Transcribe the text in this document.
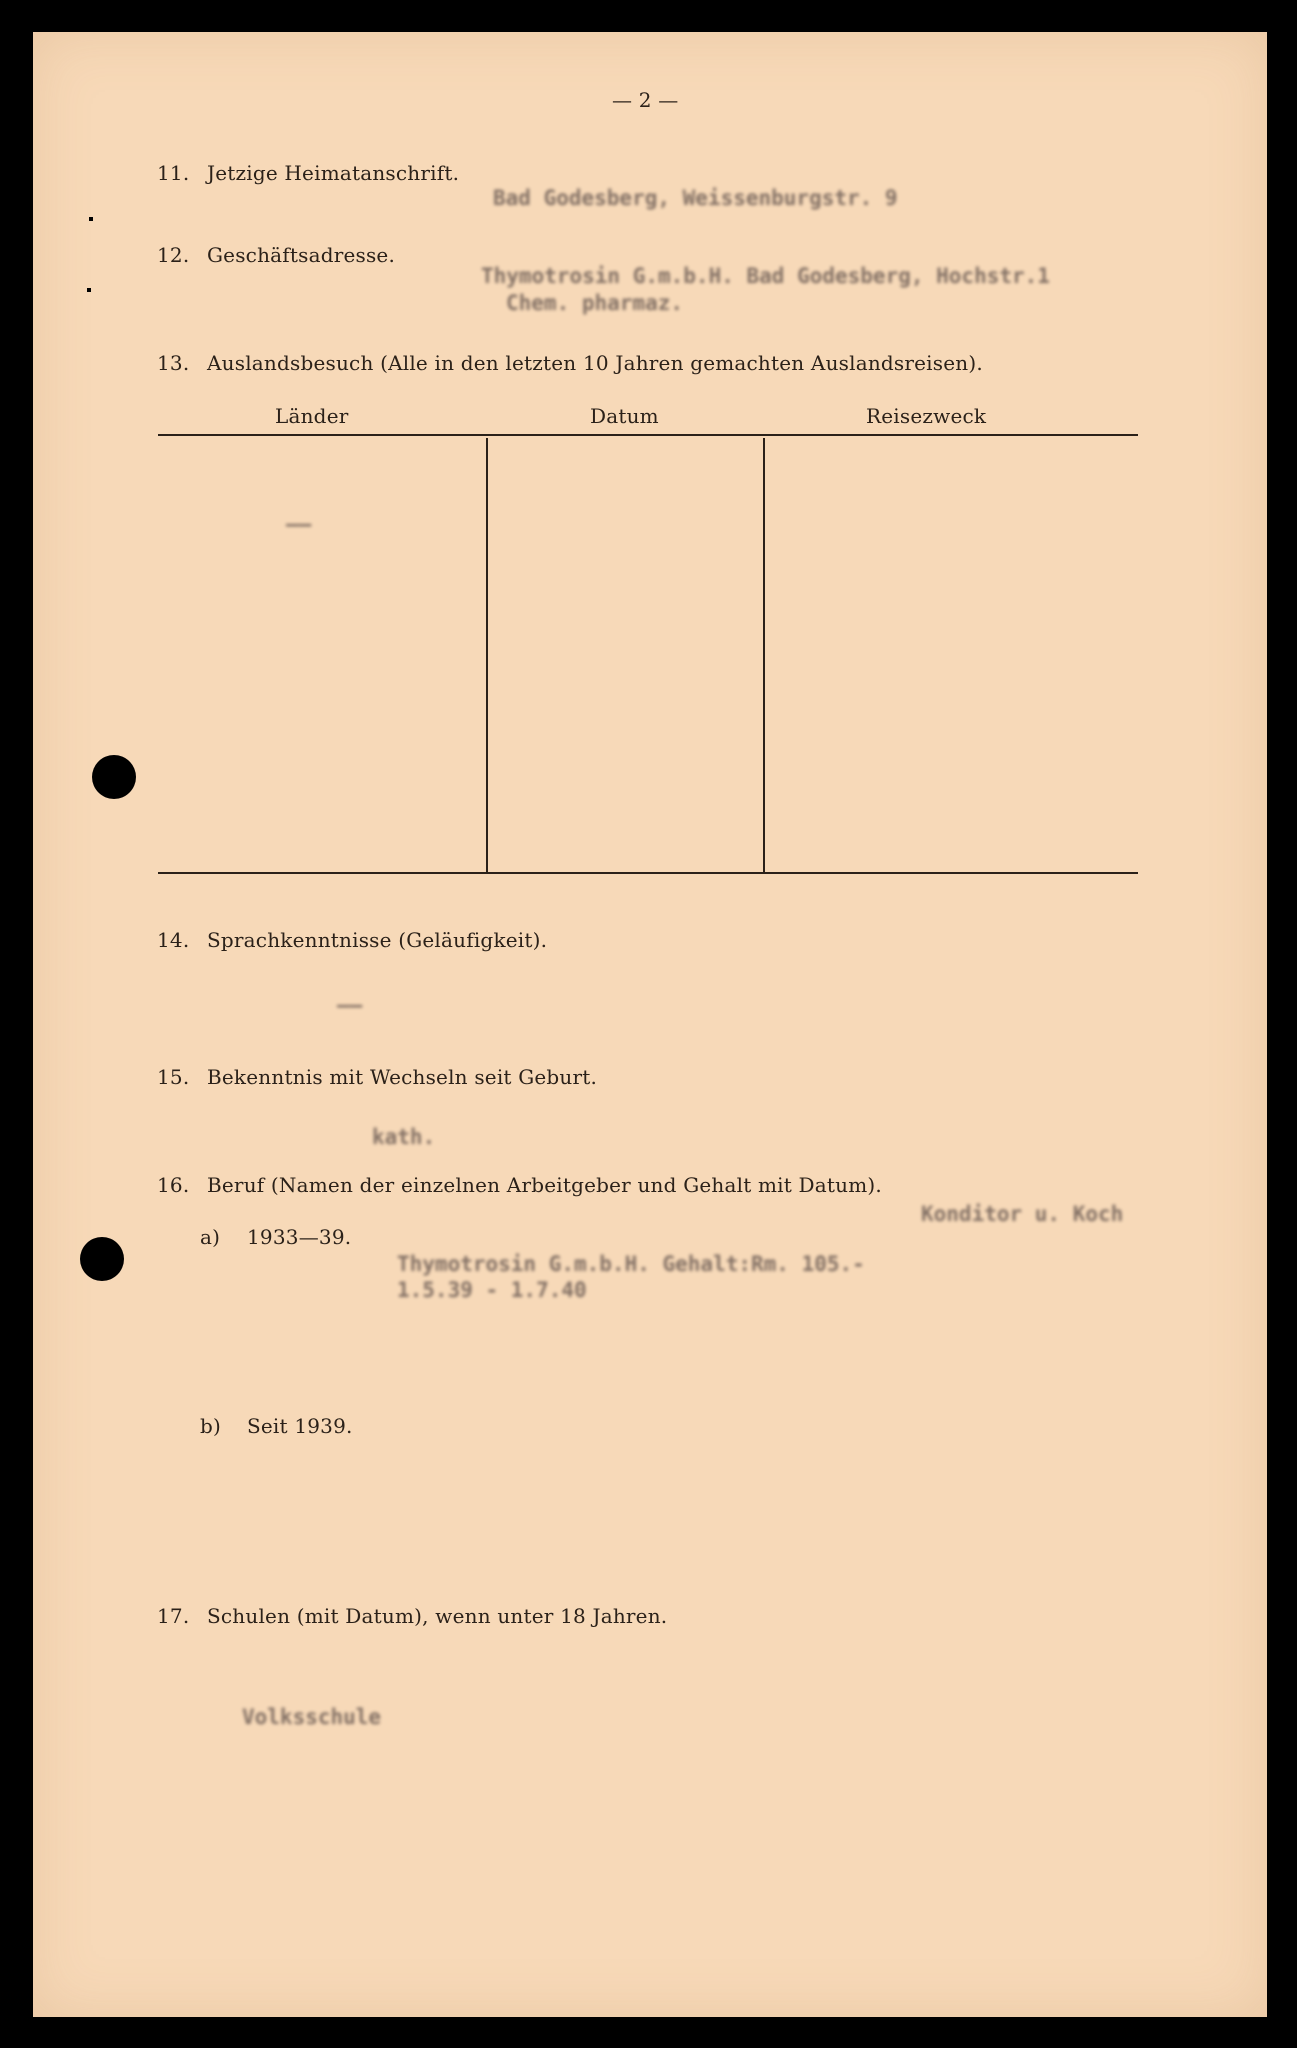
— 2 —
11. Jetzige Heimatanschrift.
Bad Godesberg, Weissenburgstr. 9
12. Geschäftsadresse.
Thymotrosin G.m.b.H. Bad Godesberg, Hochstr.1
Chem. pharmaz.
13. Auslandsbesuch (Alle in den letzten 10 Jahren gemachten Auslandsreisen).
Länder	Datum	Reisezweck
——
14. Sprachkenntnisse (Geläufigkeit).
——
15. Bekenntnis mit Wechseln seit Geburt.
kath.
16. Beruf (Namen der einzelnen Arbeitgeber und Gehalt mit Datum).
Konditor u. Koch
a) 1933—39.
Thymotrosin G.m.b.H. Gehalt:Rm. 105.-
1.5.39 - 1.7.40
b) Seit 1939.
17. Schulen (mit Datum), wenn unter 18 Jahren.
Volksschule
